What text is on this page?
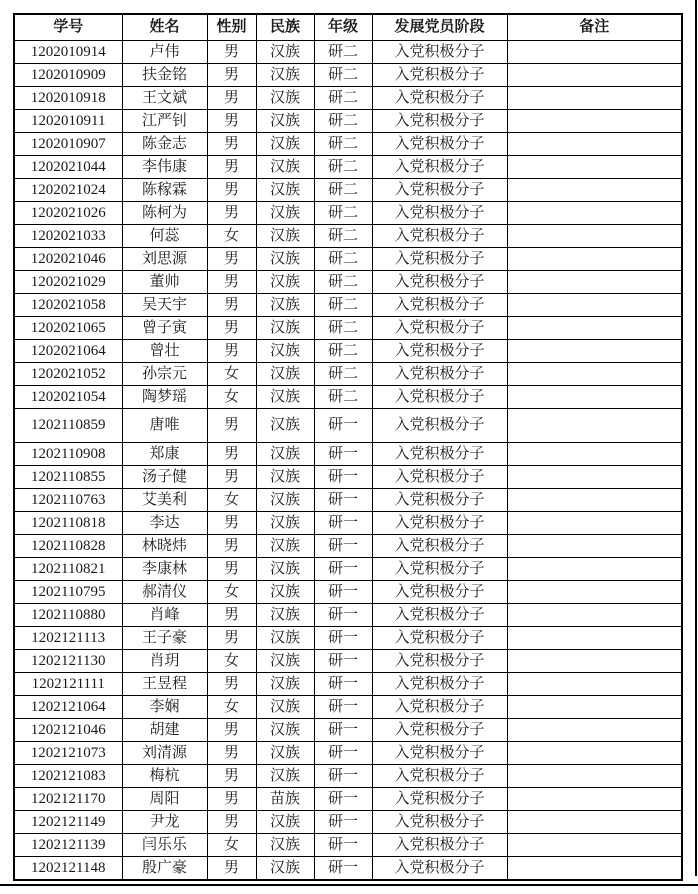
学号	姓名	性别	民族	年级	发展党员阶段	备注
1202010914	卢伟	男	汉族	研二	入党积极分子	
1202010909	扶金铭	男	汉族	研二	入党积极分子	
1202010918	王文斌	男	汉族	研二	入党积极分子	
1202010911	江严钊	男	汉族	研二	入党积极分子	
1202010907	陈金志	男	汉族	研二	入党积极分子	
1202021044	李伟康	男	汉族	研二	入党积极分子	
1202021024	陈稼霖	男	汉族	研二	入党积极分子	
1202021026	陈柯为	男	汉族	研二	入党积极分子	
1202021033	何蕊	女	汉族	研二	入党积极分子	
1202021046	刘思源	男	汉族	研二	入党积极分子	
1202021029	董帅	男	汉族	研二	入党积极分子	
1202021058	吴天宇	男	汉族	研二	入党积极分子	
1202021065	曾子寅	男	汉族	研二	入党积极分子	
1202021064	曾壮	男	汉族	研二	入党积极分子	
1202021052	孙宗元	女	汉族	研二	入党积极分子	
1202021054	陶梦瑶	女	汉族	研二	入党积极分子	
1202110859	唐唯	男	汉族	研一	入党积极分子	
1202110908	郑康	男	汉族	研一	入党积极分子	
1202110855	汤子健	男	汉族	研一	入党积极分子	
1202110763	艾美利	女	汉族	研一	入党积极分子	
1202110818	李达	男	汉族	研一	入党积极分子	
1202110828	林晓炜	男	汉族	研一	入党积极分子	
1202110821	李康林	男	汉族	研一	入党积极分子	
1202110795	郝清仪	女	汉族	研一	入党积极分子	
1202110880	肖峰	男	汉族	研一	入党积极分子	
1202121113	王子豪	男	汉族	研一	入党积极分子	
1202121130	肖玥	女	汉族	研一	入党积极分子	
1202121111	王昱程	男	汉族	研一	入党积极分子	
1202121064	李娴	女	汉族	研一	入党积极分子	
1202121046	胡建	男	汉族	研一	入党积极分子	
1202121073	刘清源	男	汉族	研一	入党积极分子	
1202121083	梅杭	男	汉族	研一	入党积极分子	
1202121170	周阳	男	苗族	研一	入党积极分子	
1202121149	尹龙	男	汉族	研一	入党积极分子	
1202121139	闫乐乐	女	汉族	研一	入党积极分子	
1202121148	殷广豪	男	汉族	研一	入党积极分子	
